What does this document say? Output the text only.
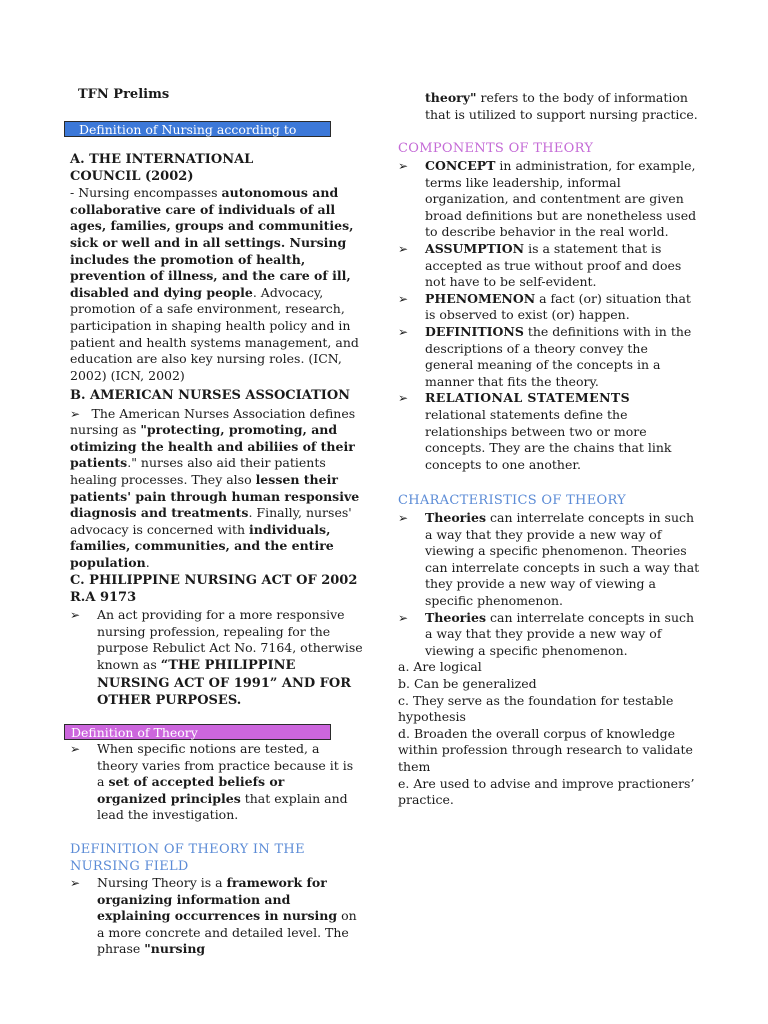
TFN Prelims
Definition of Nursing according to
A. THE INTERNATIONAL
COUNCIL (2002)

- Nursing encompasses autonomous and collaborative care of individuals of all ages, families, groups and communities, sick or well and in all settings. Nursing includes the promotion of health, prevention of illness, and the care of ill, disabled and dying people. Advocacy, promotion of a safe environment, research, participation in shaping health policy and in patient and health systems management, and education are also key nursing roles. (ICN, 2002) (ICN, 2002)

B. AMERICAN NURSES ASSOCIATION

➢   The American Nurses Association defines nursing as "protecting, promoting, and otimizing the health and abiliies of their patients." nurses also aid their patients healing processes. They also lessen their patients' pain through human responsive diagnosis and treatments. Finally, nurses' advocacy is concerned with individuals, families, communities, and the entire population.

C. PHILIPPINE NURSING ACT OF 2002
R.A 9173
➢
An act providing for a more responsive nursing profession, repealing for the purpose Rebulict Act No. 7164, otherwise known as “THE PHILIPPINE NURSING ACT OF 1991” AND FOR OTHER PURPOSES.
Definition of Theory
➢
When specific notions are tested, a theory varies from practice because it is a set of accepted beliefs or organized principles that explain and lead the investigation.
DEFINITION OF THEORY IN THE
NURSING FIELD
➢
Nursing Theory is a framework for organizing information and explaining occurrences in nursing on a more concrete and detailed level. The phrase "nursing
theory" refers to the body of information that is utilized to support nursing practice.
COMPONENTS OF THEORY
➢
CONCEPT in administration, for example, terms like leadership, informal organization, and contentment are given broad definitions but are nonetheless used to describe behavior in the real world.
➢
ASSUMPTION is a statement that is accepted as true without proof and does not have to be self-evident.
➢
PHENOMENON a fact (or) situation that is observed to exist (or) happen.
➢
DEFINITIONS the definitions with in the descriptions of a theory convey the general meaning of the concepts in a manner that fits the theory.
➢
RELATIONAL STATEMENTS
relational statements define the relationships between two or more concepts. They are the chains that link concepts to one another.
CHARACTERISTICS OF THEORY
➢
Theories can interrelate concepts in such a way that they provide a new way of viewing a specific phenomenon. Theories can interrelate concepts in such a way that they provide a new way of viewing a specific phenomenon.
➢
Theories can interrelate concepts in such a way that they provide a new way of viewing a specific phenomenon.
a. Are logical
b. Can be generalized
c. They serve as the foundation for testable hypothesis
d. Broaden the overall corpus of knowledge within profession through research to validate them
e. Are used to advise and improve practioners’ practice.
